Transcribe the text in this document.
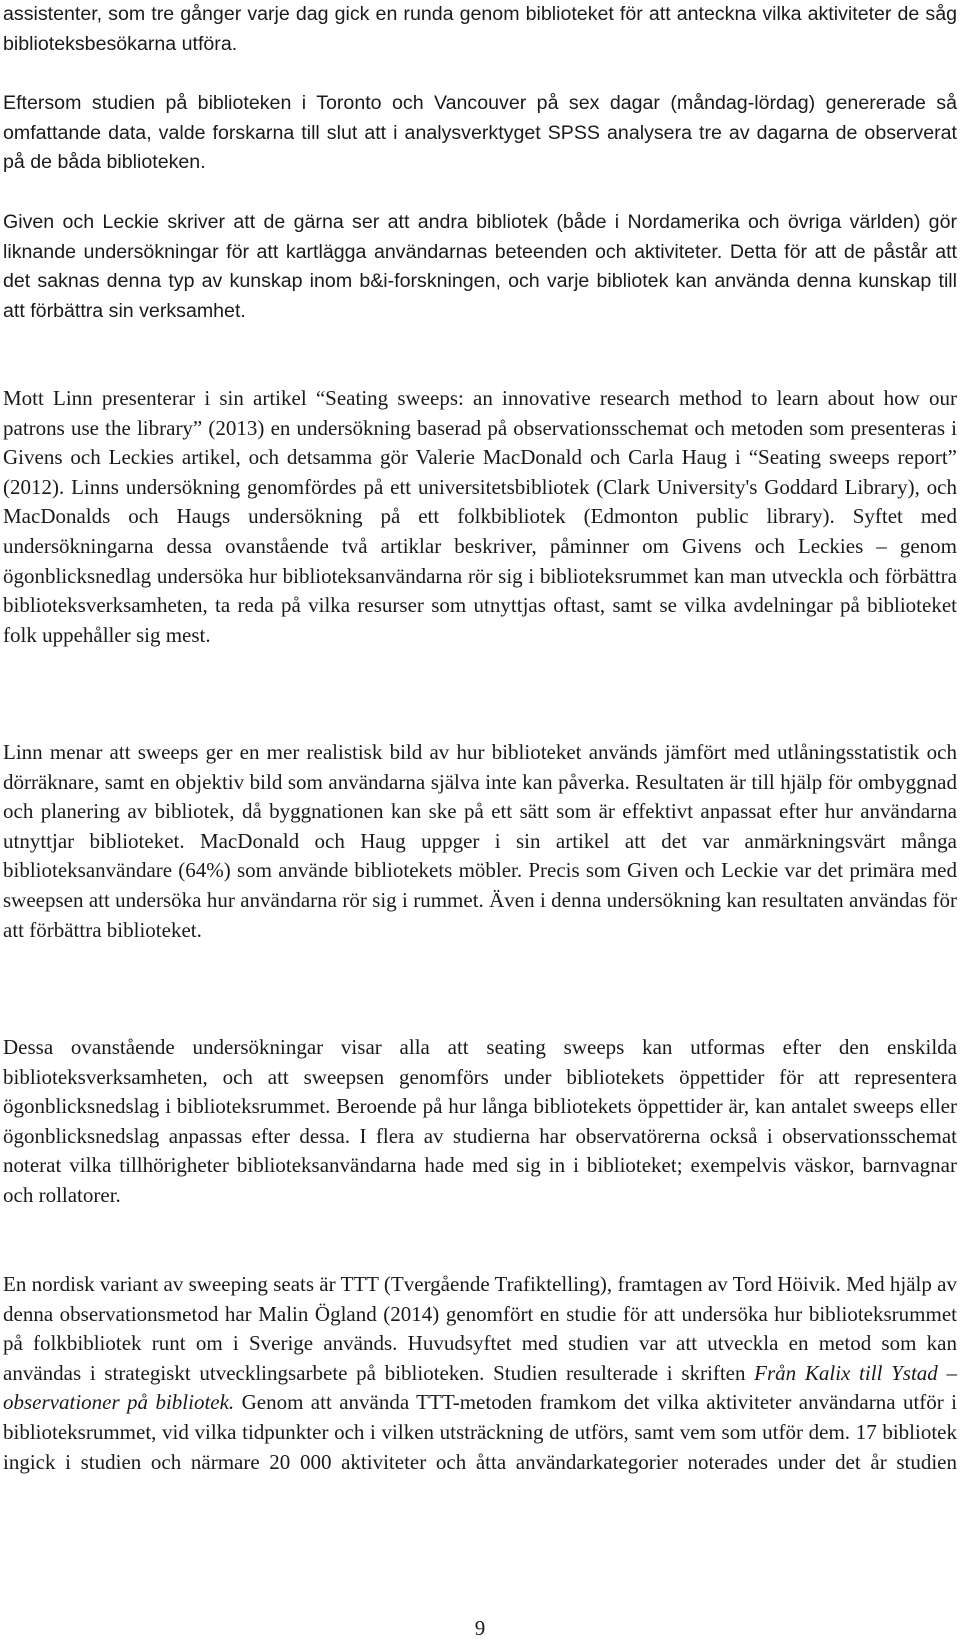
assistenter, som tre gånger varje dag gick en runda genom biblioteket för att anteckna vilka aktiviteter de såg biblioteksbesökarna utföra.

Eftersom studien på biblioteken i Toronto och Vancouver på sex dagar (måndag-lördag) genererade så omfattande data, valde forskarna till slut att i analysverktyget SPSS analysera tre av dagarna de observerat på de båda biblioteken.

Given och Leckie skriver att de gärna ser att andra bibliotek (både i Nordamerika och övriga världen) gör liknande undersökningar för att kartlägga användarnas beteenden och aktiviteter. Detta för att de påstår att det saknas denna typ av kunskap inom b&i-forskningen, och varje bibliotek kan använda denna kunskap till att förbättra sin verksamhet.

Mott Linn presenterar i sin artikel “Seating sweeps: an innovative research method to learn about how our patrons use the library” (2013) en undersökning baserad på observationsschemat och metoden som presenteras i Givens och Leckies artikel, och detsamma gör Valerie MacDonald och Carla Haug i “Seating sweeps report” (2012). Linns undersökning genomfördes på ett universitetsbibliotek (Clark University's Goddard Library), och MacDonalds och Haugs undersökning på ett folkbibliotek (Edmonton public library). Syftet med undersökningarna dessa ovanstående två artiklar beskriver, påminner om Givens och Leckies – genom ögonblicksnedlag undersöka hur biblioteksanvändarna rör sig i biblioteksrummet kan man utveckla och förbättra biblioteksverksamheten, ta reda på vilka resurser som utnyttjas oftast, samt se vilka avdelningar på biblioteket folk uppehåller sig mest.

Linn menar att sweeps ger en mer realistisk bild av hur biblioteket används jämfört med utlåningsstatistik och dörräknare, samt en objektiv bild som användarna själva inte kan påverka. Resultaten är till hjälp för ombyggnad och planering av bibliotek, då byggnationen kan ske på ett sätt som är effektivt anpassat efter hur användarna utnyttjar biblioteket. MacDonald och Haug uppger i sin artikel att det var anmärkningsvärt många biblioteksanvändare (64%) som använde bibliotekets möbler. Precis som Given och Leckie var det primära med sweepsen att undersöka hur användarna rör sig i rummet. Även i denna undersökning kan resultaten användas för att förbättra biblioteket.

Dessa ovanstående undersökningar visar alla att seating sweeps kan utformas efter den enskilda biblioteksverksamheten, och att sweepsen genomförs under bibliotekets öppettider för att representera ögonblicksnedslag i biblioteksrummet. Beroende på hur långa bibliotekets öppettider är, kan antalet sweeps eller ögonblicksnedslag anpassas efter dessa. I flera av studierna har observatörerna också i observationsschemat noterat vilka tillhörigheter biblioteksanvändarna hade med sig in i biblioteket; exempelvis väskor, barnvagnar och rollatorer.

En nordisk variant av sweeping seats är TTT (Tvergående Trafiktelling), framtagen av Tord Höivik. Med hjälp av denna observationsmetod har Malin Ögland (2014) genomfört en studie för att undersöka hur biblioteksrummet på folkbibliotek runt om i Sverige används. Huvudsyftet med studien var att utveckla en metod som kan användas i strategiskt utvecklingsarbete på biblioteken. Studien resulterade i skriften Från Kalix till Ystad – observationer på bibliotek. Genom att använda TTT-metoden framkom det vilka aktiviteter användarna utför i biblioteksrummet, vid vilka tidpunkter och i vilken utsträckning de utförs, samt vem som utför dem. 17 bibliotek ingick i studien och närmare 20 000 aktiviteter och åtta användarkategorier noterades under det år studien

9
